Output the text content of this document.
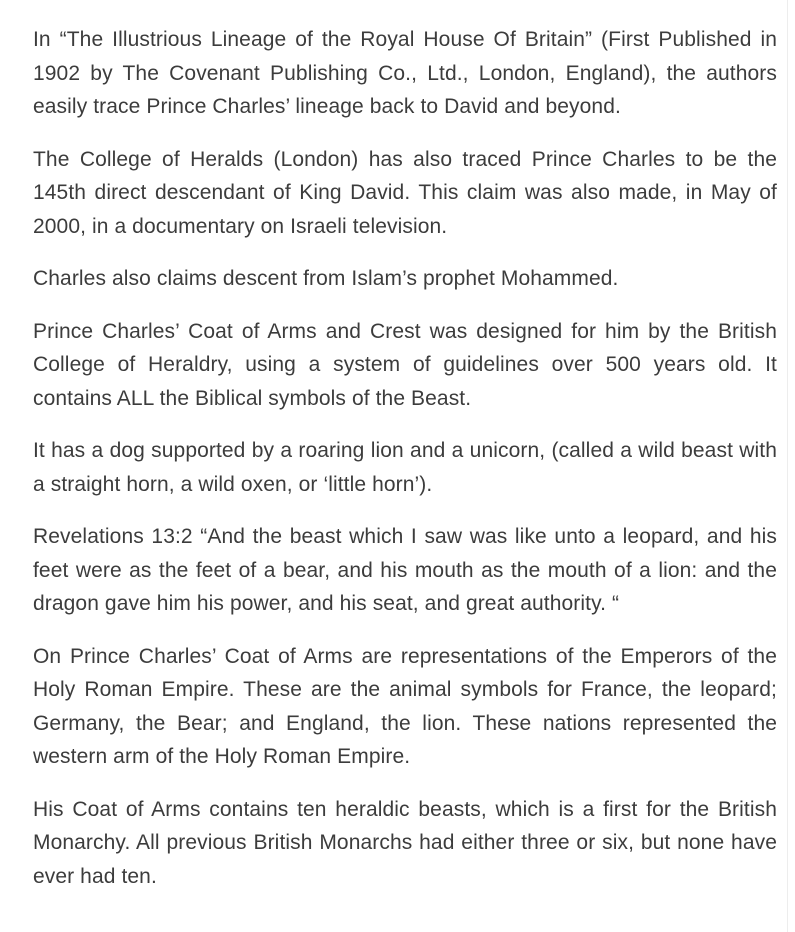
In “The Illustrious Lineage of the Royal House Of Britain” (First Published in 1902 by The Covenant Publishing Co., Ltd., London, England), the authors easily trace Prince Charles’ lineage back to David and beyond.

The College of Heralds (London) has also traced Prince Charles to be the 145th direct descendant of King David. This claim was also made, in May of 2000, in a documentary on Israeli television.

Charles also claims descent from Islam’s prophet Mohammed.

Prince Charles’ Coat of Arms and Crest was designed for him by the British College of Heraldry, using a system of guidelines over 500 years old. It contains ALL the Biblical symbols of the Beast.

It has a dog supported by a roaring lion and a unicorn, (called a wild beast with a straight horn, a wild oxen, or ‘little horn’).

Revelations 13:2 “And the beast which I saw was like unto a leopard, and his feet were as the feet of a bear, and his mouth as the mouth of a lion: and the dragon gave him his power, and his seat, and great authority. “

On Prince Charles’ Coat of Arms are representations of the Emperors of the Holy Roman Empire. These are the animal symbols for France, the leopard; Germany, the Bear; and England, the lion. These nations represented the western arm of the Holy Roman Empire.

His Coat of Arms contains ten heraldic beasts, which is a first for the British Monarchy. All previous British Monarchs had either three or six, but none have ever had ten.
